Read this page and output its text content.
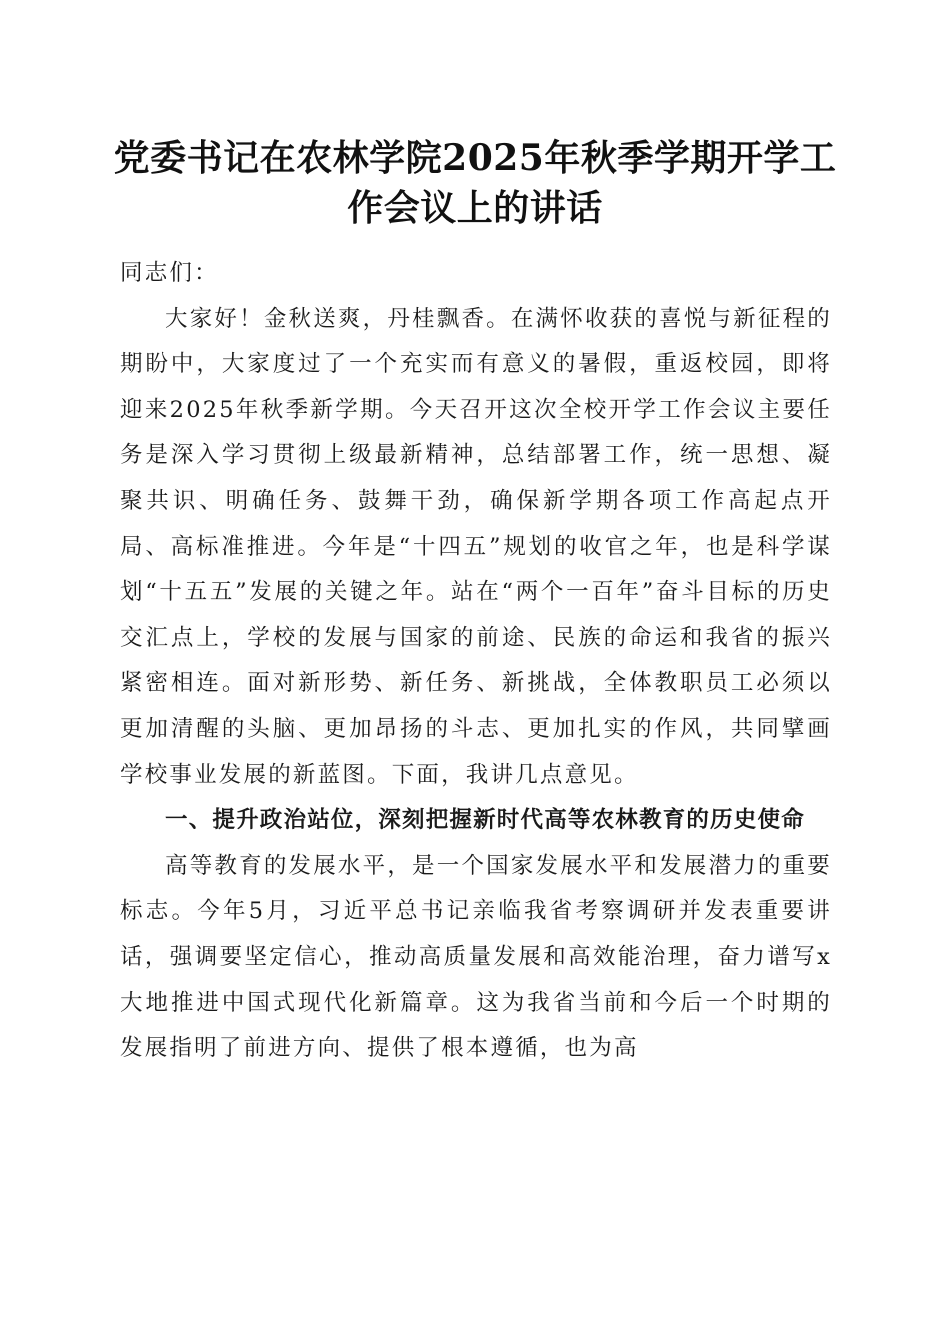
党委书记在农林学院2025年秋季学期开学工
作会议上的讲话

同志们：

大家好！金秋送爽，丹桂飘香。在满怀收获的喜悦与新征程的期盼中，大家度过了一个充实而有意义的暑假，重返校园，即将迎来2025年秋季新学期。今天召开这次全校开学工作会议主要任务是深入学习贯彻上级最新精神，总结部署工作，统一思想、凝聚共识、明确任务、鼓舞干劲，确保新学期各项工作高起点开局、高标准推进。今年是“十四五”规划的收官之年，也是科学谋划“十五五”发展的关键之年。站在“两个一百年”奋斗目标的历史交汇点上，学校的发展与国家的前途、民族的命运和我省的振兴紧密相连。面对新形势、新任务、新挑战，全体教职员工必须以更加清醒的头脑、更加昂扬的斗志、更加扎实的作风，共同擘画学校事业发展的新蓝图。下面，我讲几点意见。

一、提升政治站位，深刻把握新时代高等农林教育的历史使命

高等教育的发展水平，是一个国家发展水平和发展潜力的重要标志。今年5月，习近平总书记亲临我省考察调研并发表重要讲话，强调要坚定信心，推动高质量发展和高效能治理，奋力谱写x大地推进中国式现代化新篇章。这为我省当前和今后一个时期的发展指明了前进方向、提供了根本遵循，也为高
